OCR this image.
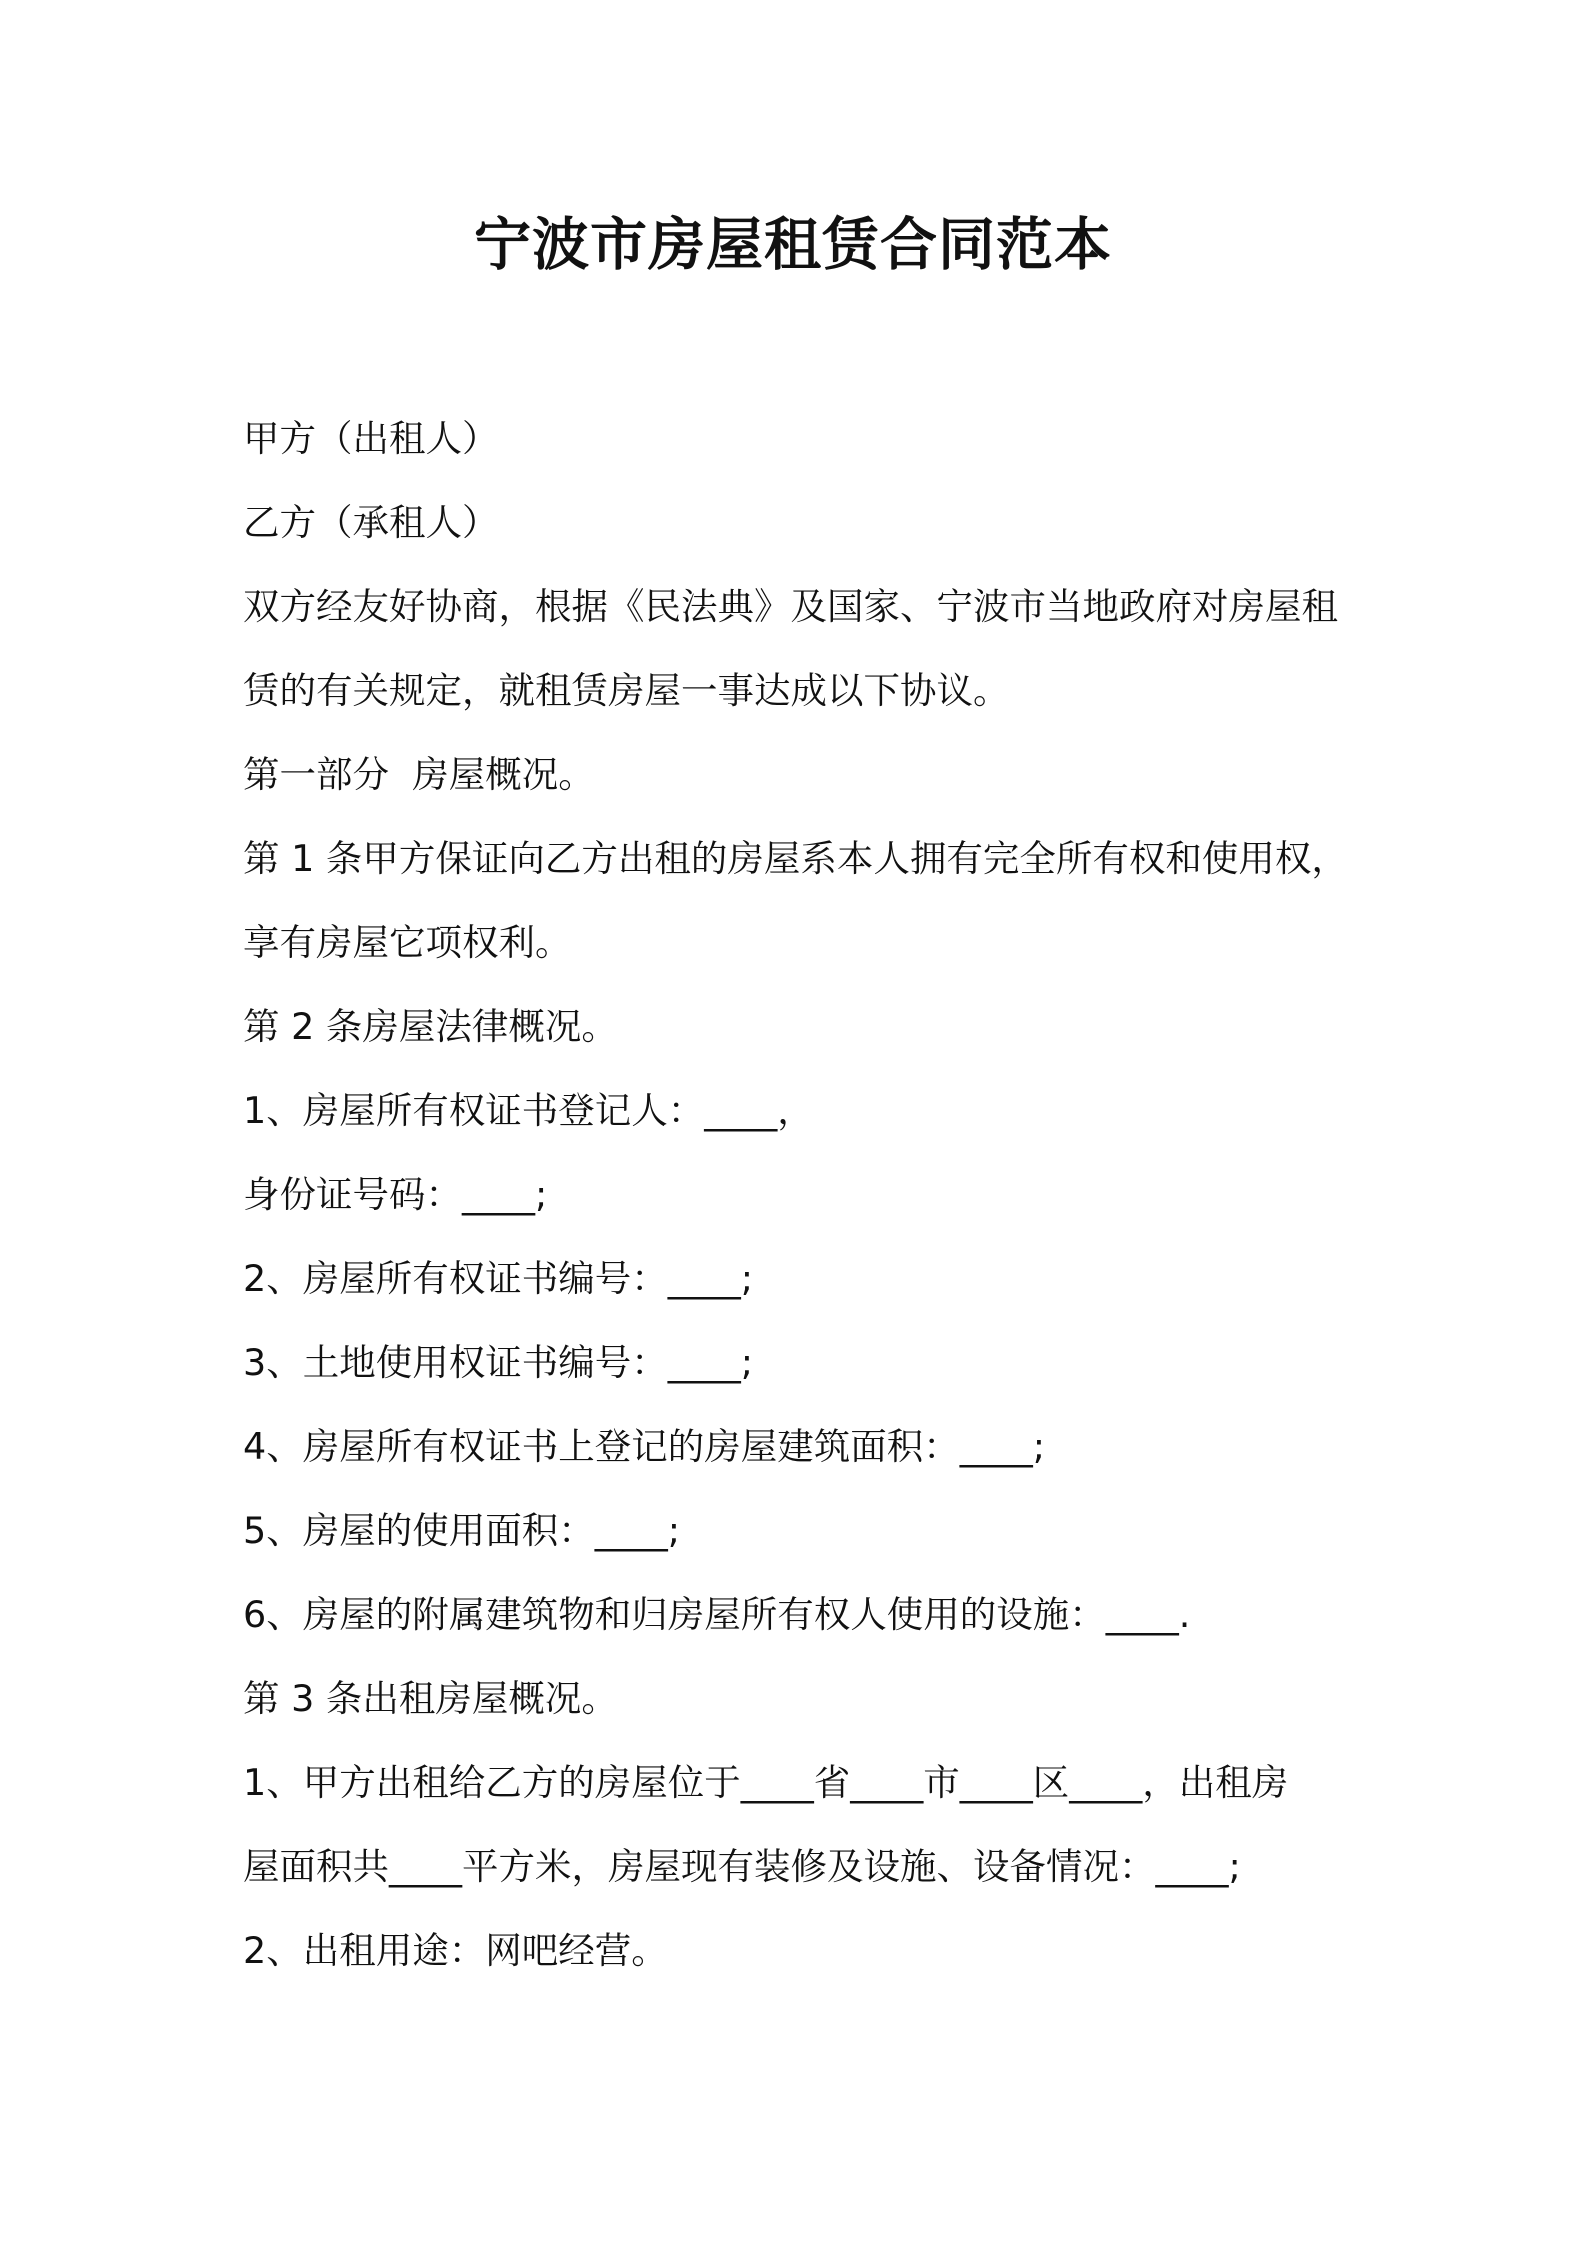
宁波市房屋租赁合同范本
甲方（出租人）
乙方（承租人）
双方经友好协商，根据《民法典》及国家、宁波市当地政府对房屋租
赁的有关规定，就租赁房屋一事达成以下协议。
第一部分  房屋概况。
第 1 条甲方保证向乙方出租的房屋系本人拥有完全所有权和使用权，
享有房屋它项权利。
第 2 条房屋法律概况。
1、房屋所有权证书登记人：____，
身份证号码：____;
2、房屋所有权证书编号：____;
3、土地使用权证书编号：____;
4、房屋所有权证书上登记的房屋建筑面积：____;
5、房屋的使用面积：____;
6、房屋的附属建筑物和归房屋所有权人使用的设施：____.
第 3 条出租房屋概况。
1、甲方出租给乙方的房屋位于____省____市____区____，出租房
屋面积共____平方米，房屋现有装修及设施、设备情况：____;
2、出租用途：网吧经营。
